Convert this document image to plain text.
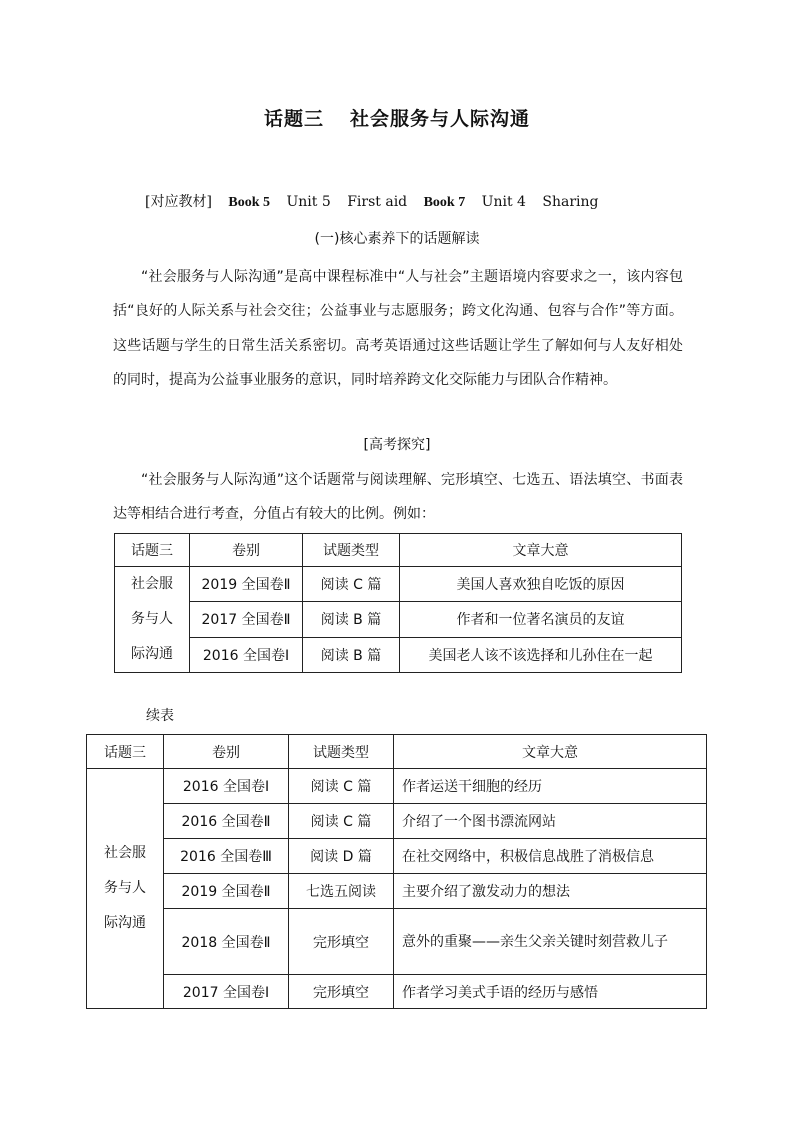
话题三 社会服务与人际沟通
[对应教材] Book 5 Unit 5 First aid Book 7 Unit 4 Sharing
(一)核心素养下的话题解读

“社会服务与人际沟通”是高中课程标准中“人与社会”主题语境内容要求之一，该内容包括“良好的人际关系与社会交往；公益事业与志愿服务；跨文化沟通、包容与合作”等方面。这些话题与学生的日常生活关系密切。高考英语通过这些话题让学生了解如何与人友好相处的同时，提高为公益事业服务的意识，同时培养跨文化交际能力与团队合作精神。

[高考探究]

“社会服务与人际沟通”这个话题常与阅读理解、完形填空、七选五、语法填空、书面表达等相结合进行考查，分值占有较大的比例。例如：

话题三	卷别	试题类型	文章大意

社会服
务与人
际沟通	2019 全国卷Ⅱ	阅读 C 篇	美国人喜欢独自吃饭的原因
	2017 全国卷Ⅱ	阅读 B 篇	作者和一位著名演员的友谊
	2016 全国卷Ⅰ	阅读 B 篇	美国老人该不该选择和儿孙住在一起
续表
话题三	卷别	试题类型	文章大意

社会服
务与人
际沟通	2016 全国卷Ⅰ	阅读 C 篇	作者运送干细胞的经历
	2016 全国卷Ⅱ	阅读 C 篇	介绍了一个图书漂流网站
	2016 全国卷Ⅲ	阅读 D 篇	在社交网络中，积极信息战胜了消极信息
	2019 全国卷Ⅱ	七选五阅读	主要介绍了激发动力的想法
	2018 全国卷Ⅱ	完形填空	意外的重聚——亲生父亲关键时刻营救儿子
	2017 全国卷Ⅰ	完形填空	作者学习美式手语的经历与感悟
